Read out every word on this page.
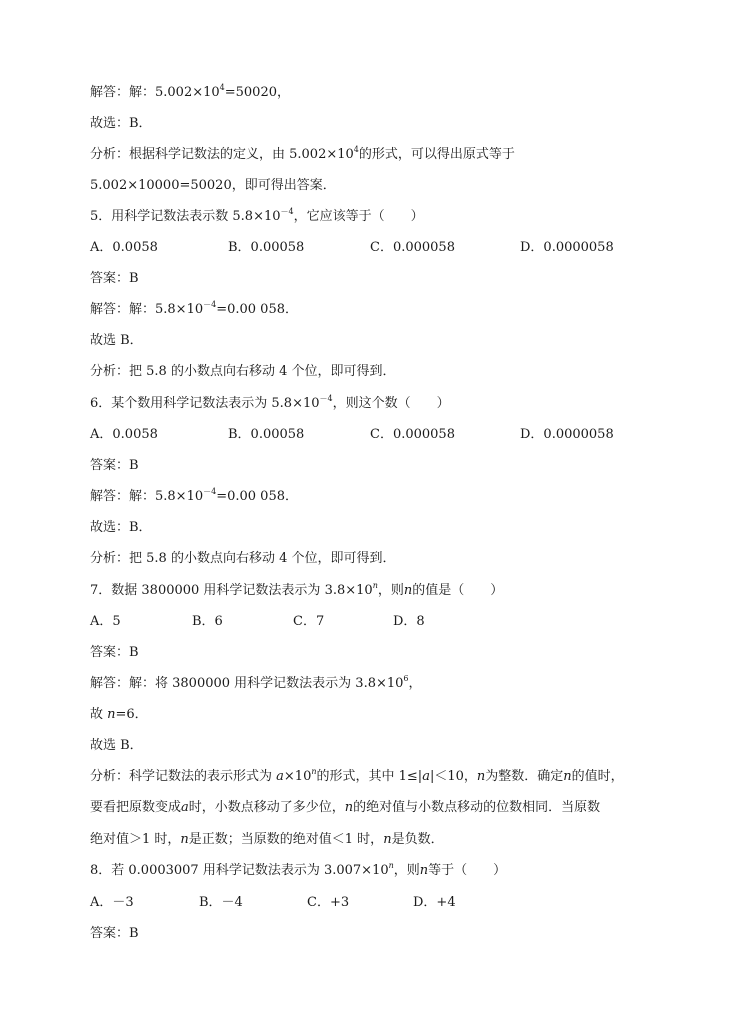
解答：解：$5.002\times 10^4=50020$，
故选：B．
分析：根据科学记数法的定义，由 $5.002\times 10^4$的形式，可以得出原式等于
5.002×10000=50020，即可得出答案．
5．用科学记数法表示数 $5.8\times 10^{-4}$，它应该等于（　　）
A．0.0058	B．0.00058	C．0.000058	D．0.0000058
答案：B
解答：解：$5.8\times 10^{-4}=0.00$ 058．
故选 B．
分析：把 5.8 的小数点向右移动 4 个位，即可得到．
6．某个数用科学记数法表示为 $5.8\times 10^{-4}$，则这个数（　　）
A．0.0058	B．0.00058	C．0.000058	D．0.0000058
答案：B
解答：解：$5.8\times 10^{-4}=0.00$ 058．
故选：B．
分析：把 5.8 的小数点向右移动 4 个位，即可得到．
7．数据 3800000 用科学记数法表示为 $3.8\times 10^n$，则n的值是（　　）
A．5	B．6	C．7	D．8
答案：B
解答：解：将 3800000 用科学记数法表示为 $3.8\times 10^6$，
故 n=6．
故选 B．
分析：科学记数法的表示形式为 $a\times 10^n$的形式，其中 1≤|a|＜10，n为整数．确定n的值时，
要看把原数变成a时，小数点移动了多少位，n的绝对值与小数点移动的位数相同．当原数
绝对值＞1 时，n是正数；当原数的绝对值＜1 时，n是负数．
8．若 0.0003007 用科学记数法表示为 $3.007\times 10^n$，则n等于（　　）
A．－3	B．－4	C．+3	D．+4
答案：B
